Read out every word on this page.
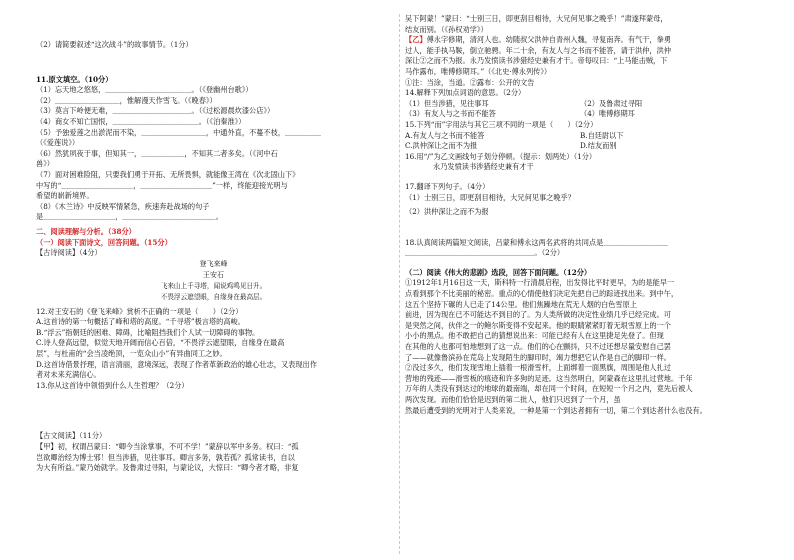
（2）请简要叙述“这次战斗”的故事情节。（1分）

11.原文填空。（10分）

（1）忘天地之悠悠，＿＿＿＿＿＿＿＿＿＿＿＿。（《登幽州台歌》）

（2）＿＿＿＿＿＿＿＿＿，惟解漫天作雪飞。（《晚春》）

（3）莫言下岭便无难，＿＿＿＿＿＿＿＿＿＿＿。（《过松源晨炊漆公店》）

（4）商女不知亡国恨，＿＿＿＿＿＿＿＿＿＿＿＿。（《泊秦淮》）

（5）予独爱莲之出淤泥而不染，＿＿＿＿＿＿＿＿＿，中通外直，不蔓不枝，＿＿＿＿＿

（《爱莲说》）

（6）然犹夙夜于事，但知其一，＿＿＿＿＿＿，不知其二者多矣。（《河中石

兽》）

（7）面对困难险阻，只要我们勇于开拓、无所畏惧，就能像王湾在《次北固山下》

中写的“＿＿＿＿＿＿＿＿＿＿，＿＿＿＿＿＿＿＿＿＿”一样，终能迎接光明与

希望的崭新境界。

（8）《木兰诗》中反映军情紧急，疾速奔赴战场的句子

是＿＿＿＿＿＿＿＿＿＿，＿＿＿＿＿＿＿＿＿＿＿＿＿。

二、阅读理解与分析。（38分）

（一）阅读下面诗文，回答问题。（15分）

【古诗阅读】（4分）

登飞来峰

王安石

飞来山上千寻塔，闻说鸡鸣见日升。

不畏浮云遮望眼，自缘身在最高层。

12.对王安石的《登飞来峰》赏析不正确的一项是（　　）（2分）

A.这首诗的第一句概括了峰和塔的高度。“千寻塔”极言塔的高峻。

B.“浮云”指朝廷的困难、障碍，比喻阻挡我们个人试一切障碍的事物。

C.诗人登高远望，似觉天地开阔而信心百倍，“不畏浮云遮望眼，自缘身在最高

层”，与杜甫的“会当凌绝顶，一览众山小”有异曲同工之妙。

D.这首诗借景抒理，语言清丽，意境深远，表现了作者革新政治的雄心壮志，又表现出作

者对未来充满信心。

13.你从这首诗中领悟到什么人生哲理？（2分）

【古文阅读】（11分）

【甲】初，权谓吕蒙曰：“卿今当涂掌事，不可不学！”蒙辞以军中多务。权曰：“孤

岂欲卿治经为博士邪！但当涉猎，见往事耳。卿言多务，孰若孤？孤常读书，自以

为大有所益。”蒙乃始就学。及鲁肃过寻阳，与蒙论议，大惊曰：“卿今者才略，非复

吴下阿蒙！”蒙曰：“士别三日，即更刮目相待，大兄何见事之晚乎！”肃遂拜蒙母，

结友而别。（《孙权劝学》）

【乙】傅永字修期，清河人也。幼随叔父洪仲自青州入魏，寻复南奔。有气干，拳勇

过人，能手执马鞍，倒立驰骋。年二十余，有友人与之书而不能答，请于洪仲，洪仲

深让②之而不为报。永乃发愤读书涉猎经史兼有才干。帝每叹曰：“上马能击贼，下

马作露布，唯傅修期耳。”（《北史·傅永列传》）

①注：当涂，当道。②露布：公开的文告

14.解释下列加点词语的意思。（2分）

（1）但当涉猎，见往事耳	（2）及鲁肃过寻阳

（3）有友人与之书而不能答	（4）唯傅修期耳

15.下列“而”字用法与其它三项不同的一项是（　　）（2分）

A.有友人与之书而不能答	B.自廷尉以下

C.洪仲深让之而不为报	D.结友而别

16.用“/”为乙文画线句子划分停顿。（提示：划两处）（1分）

永乃发愤读书涉猎经史兼有才干

17.翻译下列句子。（4分）

（1）士别三日，即更刮目相待，大兄何见事之晚乎？

（2）洪仲深让之而不为报

18.认真阅读两篇短文阅读，吕蒙和傅永这两名武将的共同点是＿＿＿＿＿＿＿＿＿

＿＿＿＿＿＿＿＿＿＿＿＿＿＿＿＿＿＿。（2分）

（二）阅读《伟大的悲剧》选段，回答下面问题。（12分）

①1912年1月16日这一天，斯科特一行清晨启程，出发得比平时更早，为的是能早一

点看到那个不比美丽的秘密。重点的心情使他们决定先把自己的踪迹找出来。到中午，

这五个坚持下碾的人已走了14公里。他们焦躁地在荒无人烟的白色雪原上

前进，因为现在已不可能达不到目的了。为人类所做的决定性业绩几乎已经完成。可

是突然之间，伙伴之一的鲍尔斯变得不安起来。他的眼睛紧紧盯着无垠雪原上的一个

小小的黑点。他不敢把自己的猜想说出来：可能已经有人在这里捷足先登了。但现

在其他的人也都可怕地想到了这一点。他们的心在颤抖，只不过还想尽量安慰自己罢

了——就像鲁滨孙在荒岛上发现陌生的脚印时，竭力想把它认作是自己的脚印一样。

②没过多久，他们发现雪地上插着一根滑雪杆，上面绑着一面黑旗，周围是他人扎过

营地的残迹——滑雪板的痕迹和许多狗的足迹。这当然明白，阿蒙森在这里扎过营地。千年

万年的人类没有到达过的地球的最南端，却在同一个时间，在短短一个月之内，竟先后被人

两次发现。而他们恰恰是迟到的第二批人，他们只迟到了一个月，虽

然最后遭受到的光明对于人类来说，一种是第一个到达者拥有一切，第二个到达者什么也没有。
